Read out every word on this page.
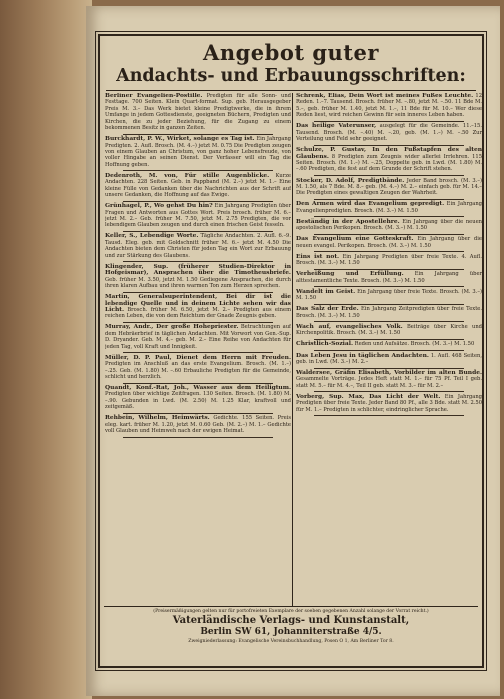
Angebot guter
Andachts- und Erbauungsschriften:
Berliner Evangelien-Postille. Predigten für alle Sonn- und Festtage. 700 Seiten. Klein Quart-format. Sup. geb. Herausgegeber Preis M. 3.– Das Werk bietet kleine Predigtwerke, die in ihrem Umfange in jedem Gottesdienste, geeigneten Büchern, Predigten und Kirchen, die zu jeder Beziehung, für die Zugang zu einem bekommenen Besitz in ganzen Zeiten.
Burckhardt, P. W., Wirket, solange es Tag ist. Ein Jahrgang Predigten. 2. Aufl. Brosch. (M. 4.–) jetzt M. 0.75 Die Predigten zeugen von einem Glauben an Christum, von ganz hoher Lebensfreude, von voller Hingabe an seinen Dienst. Der Verfasser will ein Tag die Hoffnung geben.
Dedenroth, M. von, Für stille Augenblicke. Kurze Andachten. 228 Seiten. Geb. in Pappband (M. 2.–) jetzt M. 1.– Eine kleine Fülle von Gedanken über die Nachrichten aus der Schrift auf unsere Gedanken, die Hoffnung auf das Ewige.
Grünhagel, P., Wo gehst Du hin? Ein Jahrgang Predigten über Fragen und Antworten aus Gottes Wort. Preis brosch. früher M. 6.– jetzt M. 2.– Geb. früher M. 7.50, jetzt M. 2.75 Predigten, die vor lebendigem Glauben zeugen und durch einen frischen Geist fesseln.
Keller, S., Lebendige Worte. Tägliche Andachten. 2. Aufl. 6.–9. Tausd. Eleg. geb. mit Goldschnitt früher M. 6.– jetzt M. 4.50 Die Andachten bieten dem Christen für jeden Tag ein Wort zur Erbauung und zur Stärkung des Glaubens.
Klingender, Sup. (früherer Studien-Direktor in Hofgeismar), Ansprachen über die Timotheusbriefe. Geb. früher M. 3.50, jetzt M. 1.50 Gediegene Ansprachen, die durch ihren klaren Aufbau und ihren warmen Ton zum Herzen sprechen.
Martin, Generalsuperintendent, Bei dir ist die lebendige Quelle und in deinem Lichte sehen wir das Licht. Brosch. früher M. 6.50, jetzt M. 2.– Predigten aus einem reichen Leben, die von dem Reichtum der Gnade Zeugnis geben.
Murray, Andr., Der große Hohepriester. Betrachtungen auf dem Hebräerbrief in täglichen Andachten. Mit Vorwort von Gen.-Sup. D. Dryander. Geb. M. 4.– geb. M. 2.– Eine Reihe von Andachten für jeden Tag, voll Kraft und Innigkeit.
Müller, D. P. Paul, Dienet dem Herrn mit Freuden. Predigten im Anschluß an das erste Evangelium. Brosch. (M. 1.–) –.25. Geb. (M. 1.80) M. –.60 Erbauliche Predigten für die Gemeinde, schlicht und herzlich.
Quandt, Konf.-Rat, Joh., Wasser aus dem Heiligtum. Predigten über wichtige Zeitfragen. 130 Seiten. Brosch. (M. 1.80) M. –.90. Gebunden in Lwd. (M. 2.50) M. 1.25 Klar, kraftvoll und zeitgemäß.
Rehbein, Wilhelm, Heimwärts. Gedichte. 155 Seiten. Preis eleg. kart. früher M. 1.20, jetzt M. 0.60 Geb. (M. 2.–) M. 1.– Gedichte voll Glauben und Heimweh nach der ewigen Heimat.
Schrenk, Elias, Dein Wort ist meines Fußes Leuchte. 12 Reden. 1.–7. Tausend. Brosch. früher M. –.80, jetzt M. –.50. 11 Bde M. 5.–, geb. früher M. 1.40, jetzt M. 1.–, 11 Bde für M. 10.– Wer diese Reden liest, wird reichen Gewinn für sein inneres Leben haben.
Das heilige Vaterunser, ausgelegt für die Gemeinde. 11.–15. Tausend. Brosch. (M. –.40) M. –.20, geb. (M. 1.–) M. –.50 Zur Verteilung und Feld sehr geeignet.
Schulze, P. Gustav, In den Fußstapfen des alten Glaubens. 8 Predigten zum Zeugnis wider allerlei Irrlehren. 115 Seiten. Brosch. (M. 1.–) M. –.25, Doppelte geb. in Lwd. (M. 1.80) M. –.60 Predigten, die fest auf dem Grunde der Schrift stehen.
Stocker, D. Adolf, Predigtbände. Jeder Band brosch. (M. 3.–) M. 1.50, als 7 Bde. M. 8.– geb. (M. 4.–) M. 2.– einfach geb. für M. 14.– Die Predigten eines gewaltigen Zeugen der Wahrheit.
Den Armen wird das Evangelium gepredigt. Ein Jahrgang Evangelienpredigten. Brosch. (M. 3.–) M. 1.50
Beständig in der Apostellehre. Ein Jahrgang über die neuen apostolischen Perikopen. Brosch. (M. 3.–) M. 1.50
Das Evangelium eine Gotteskraft. Ein Jahrgang über die neuen evangel. Perikopen. Brosch. (M. 3.–) M. 1.50
Eins ist not. Ein Jahrgang Predigten über freie Texte. 4. Aufl. Brosch. (M. 3.–) M. 1.50
Verheißung und Erfüllung. Ein Jahrgang über alttestamentliche Texte. Brosch. (M. 3.–) M. 1.50
Wandelt im Geist. Ein Jahrgang über freie Texte. Brosch. (M. 3.–) M. 1.50
Das Salz der Erde. Ein Jahrgang Zeitpredigten über freie Texte. Brosch. (M. 3.–) M. 1.50
Wach auf, evangelisches Volk. Beiträge über Kirche und Kirchenpolitik. Brosch. (M. 3.–) M. 1.50
Christlich-Sozial. Reden und Aufsätze. Brosch. (M. 3.–) M. 1.50
Das Leben Jesu in täglichen Andachten. 1. Aufl. 468 Seiten, geb. in Lwd. (M. 3.–) M. 2.–
Waldersee, Gräfin Elisabeth, Vorbilder im alten Bunde. Gesammelte Vorträge. Jedes Heft statt M. 1.– für 75 Pf. Teil I geb. statt M. 5.– für M. 4.–, Teil II geb. statt M. 3.– für M. 2.–
Vorberg, Sup. Max, Das Licht der Welt. Ein Jahrgang Predigten über freie Texte. Jeder Band 80 Pf., alle 3 Bde. statt M. 2.50 für M. 1.– Predigten in schlichter, eindringlicher Sprache.
(Preisermäßigungen gelten nur für portofreieten Exemplare der soeben gegebenen Anzahl solange der Vorrat reicht.)
Vaterländische Verlags- und Kunstanstalt,
Berlin SW 61, Johanniterstraße 4/5.
Zweigniederlassung: Evangelische Vereinsbuchhandlung, Posen O 1, Am Berliner Tor 8.
